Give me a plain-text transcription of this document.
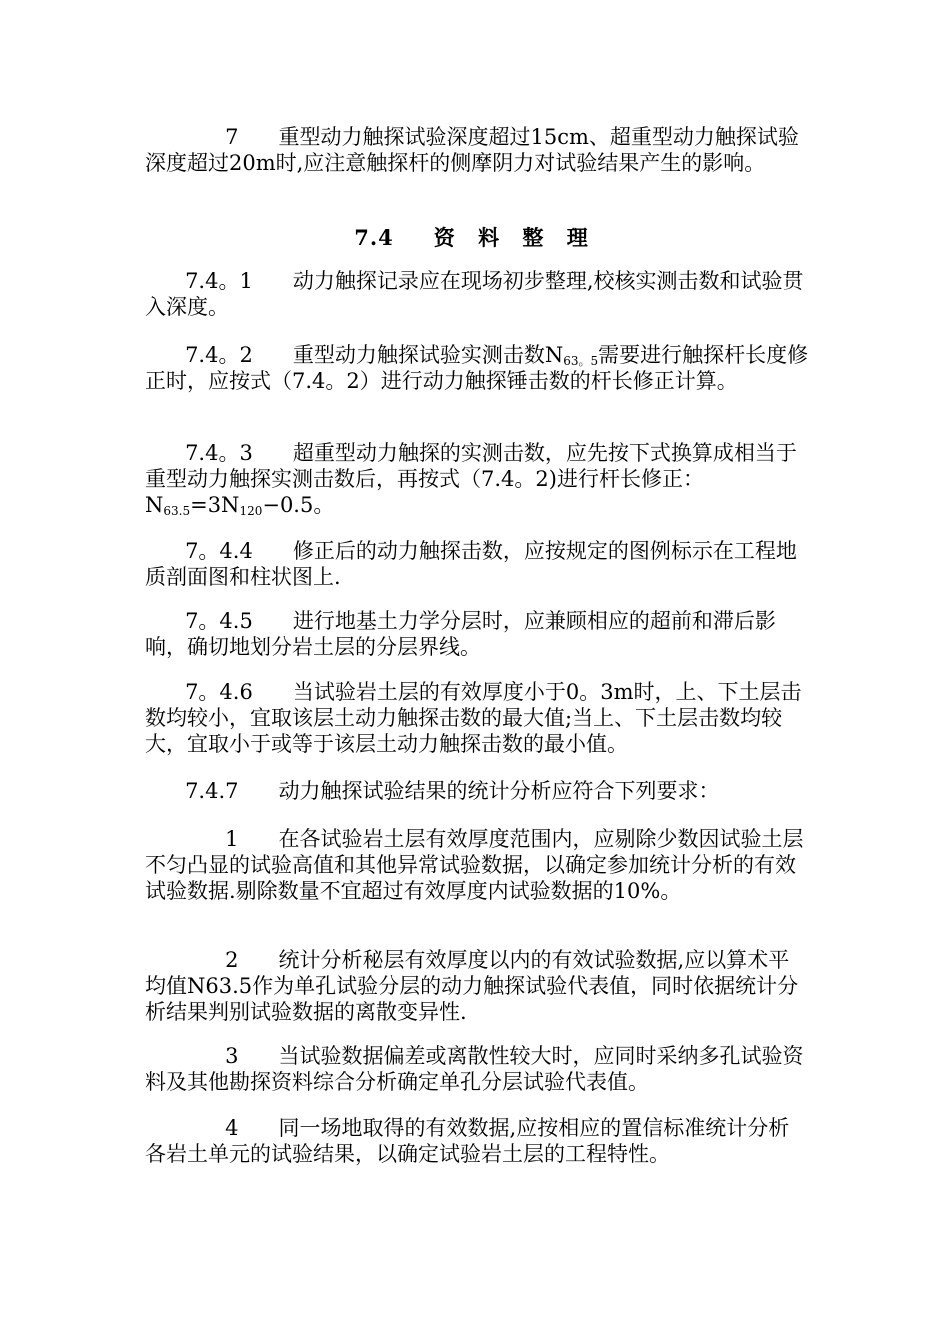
7      重型动力触探试验深度超过15cm、超重型动力触探试验深度超过20m时,应注意触探杆的侧摩阴力对试验结果产生的影响。

7.4 资 料 整 理

7.4。1      动力触探记录应在现场初步整理,校核实测击数和试验贯入深度。

7.4。2      重型动力触探试验实测击数$N_{63。5}$需要进行触探杆长度修正时，应按式（7.4。2）进行动力触探锤击数的杆长修正计算。

7.4。3      超重型动力触探的实测击数，应先按下式换算成相当于重型动力触探实测击数后，再按式（7.4。2)进行杆长修正：$N_{63.5}=3N_{120}-0.5$。

7。4.4      修正后的动力触探击数，应按规定的图例标示在工程地质剖面图和柱状图上.

7。4.5      进行地基土力学分层时，应兼顾相应的超前和滞后影响，确切地划分岩土层的分层界线。

7。4.6      当试验岩土层的有效厚度小于0。3m时，上、下土层击数均较小，宜取该层土动力触探击数的最大值;当上、下土层击数均较大，宜取小于或等于该层土动力触探击数的最小值。

7.4.7      动力触探试验结果的统计分析应符合下列要求：

1      在各试验岩土层有效厚度范围内，应剔除少数因试验土层不匀凸显的试验高值和其他异常试验数据，以确定参加统计分析的有效试验数据.剔除数量不宜超过有效厚度内试验数据的10%。

2      统计分析秘层有效厚度以内的有效试验数据,应以算术平均值N63.5作为单孔试验分层的动力触探试验代表值，同时依据统计分析结果判别试验数据的离散变异性.

3      当试验数据偏差或离散性较大时，应同时采纳多孔试验资料及其他勘探资料综合分析确定单孔分层试验代表值。

4      同一场地取得的有效数据,应按相应的置信标准统计分析各岩土单元的试验结果，以确定试验岩土层的工程特性。
